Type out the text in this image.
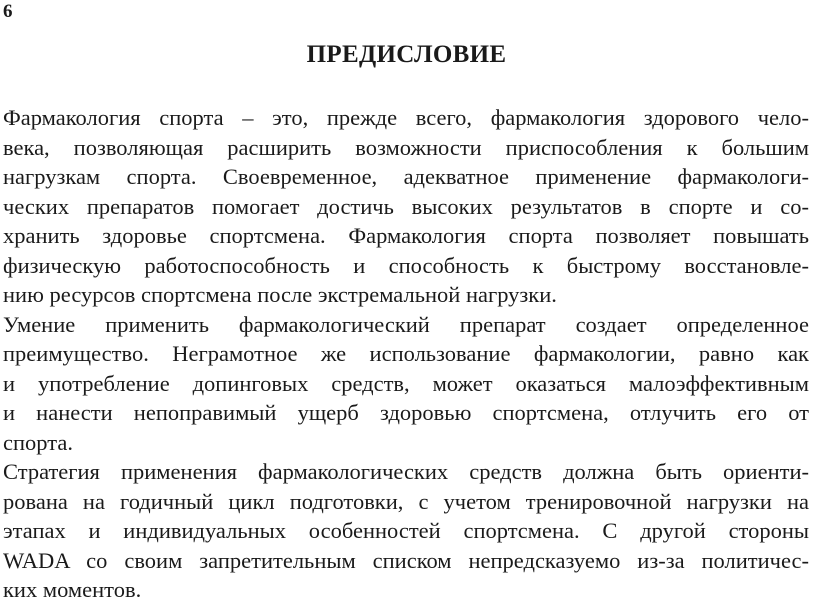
6
ПРЕДИСЛОВИЕ
Фармакология спорта – это, прежде всего, фармакология здорового чело-
века, позволяющая расширить возможности приспособления к большим
нагрузкам спорта. Своевременное, адекватное применение фармакологи-
ческих препаратов помогает достичь высоких результатов в спорте и со-
хранить здоровье спортсмена. Фармакология спорта позволяет повышать
физическую работоспособность и способность к быстрому восстановле-
нию ресурсов спортсмена после экстремальной нагрузки.
Умение применить фармакологический препарат создает определенное
преимущество. Неграмотное же использование фармакологии, равно как
и употребление допинговых средств, может оказаться малоэффективным
и нанести непоправимый ущерб здоровью спортсмена, отлучить его от
спорта.
Стратегия применения фармакологических средств должна быть ориенти-
рована на годичный цикл подготовки, с учетом тренировочной нагрузки на
этапах и индивидуальных особенностей спортсмена. С другой стороны
WADA со своим запретительным списком непредсказуемо из-за политичес-
ких моментов.
